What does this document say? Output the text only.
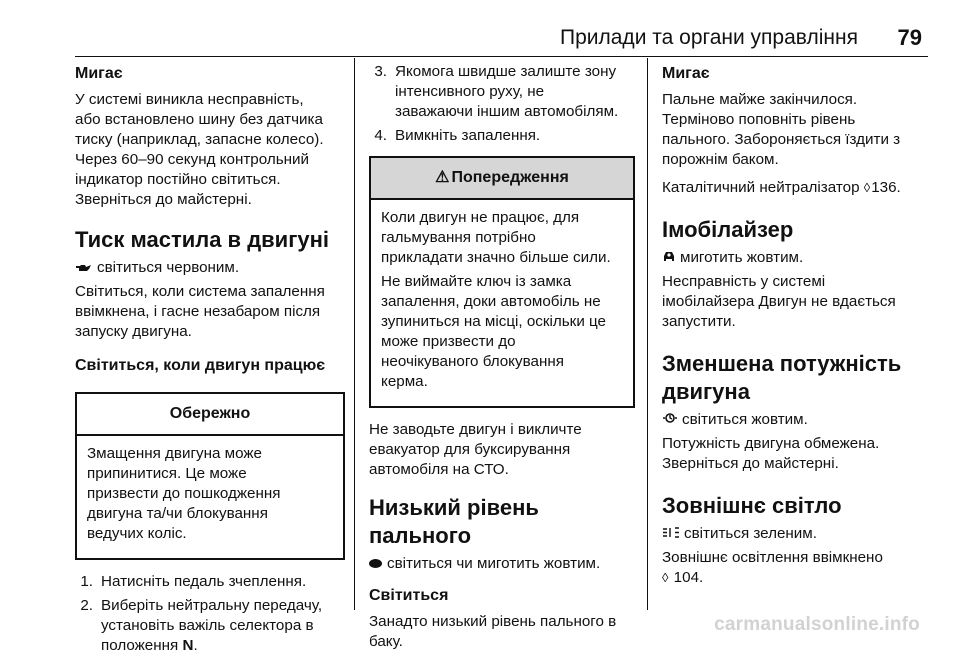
Прилади та органи управління 79
Мигає
У системі виникла несправність,
або встановлено шину без датчика
тиску (наприклад, запасне колесо).
Через 60–90 секунд контрольний
індикатор постійно світиться.
Зверніться до майстерні.
Тиск мастила в двигуні
світиться червоним.
Світиться, коли система запалення
ввімкнена, і гасне незабаром після
запуску двигуна.
Світиться, коли двигун працює
Обережно
Змащення двигуна може
припинитися. Це може
призвести до пошкодження
двигуна та/чи блокування
ведучих коліс.
1. Натисніть педаль зчеплення.
2. Виберіть нейтральну передачу,
установіть важіль селектора в
положення N.
3. Якомога швидше залиште зону
інтенсивного руху, не
заважаючи іншим автомобілям.
4. Вимкніть запалення.
⚠ Попередження
Коли двигун не працює, для
гальмування потрібно
прикладати значно більше сили.
Не виймайте ключ із замка
запалення, доки автомобіль не
зупиниться на місці, оскільки це
може призвести до
неочікуваного блокування
керма.
Не заводьте двигун і викличте
евакуатор для буксирування
автомобіля на СТО.
Низький рівень пального
світиться чи миготить жовтим.
Світиться
Занадто низький рівень пального в
баку.
Мигає
Пальне майже закінчилося.
Терміново поповніть рівень
пального. Забороняється їздити з
порожнім баком.
Каталітичний нейтралізатор ◊136.
Імобілайзер
миготить жовтим.
Несправність у системі
імобілайзера Двигун не вдається
запустити.
Зменшена потужність
двигуна
світиться жовтим.
Потужність двигуна обмежена.
Зверніться до майстерні.
Зовнішнє світло
світиться зеленим.
Зовнішнє освітлення ввімкнено
◊ 104.
carmanualsonline.info
